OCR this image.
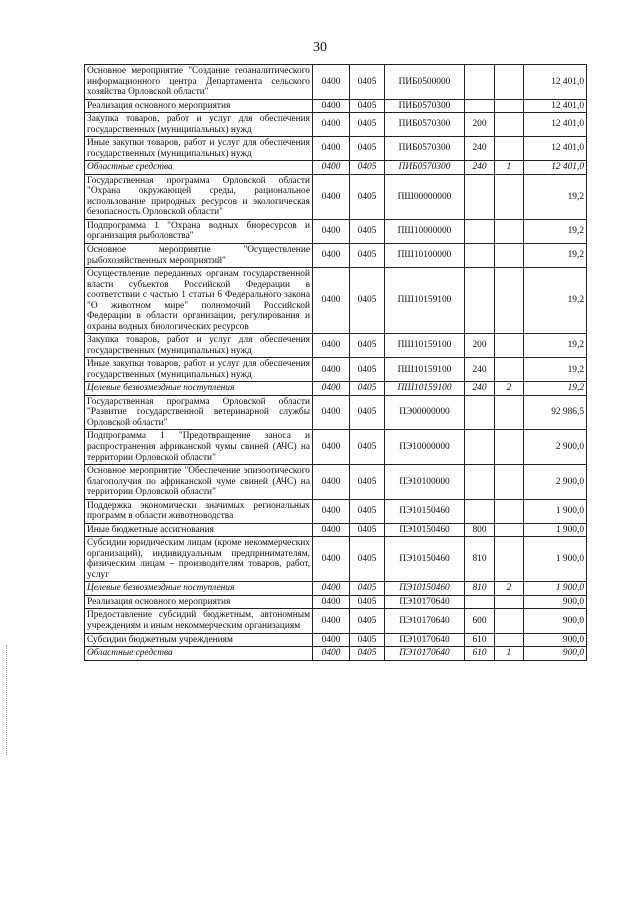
30
Основное мероприятие "Создание геоаналитического информационного центра Департамента сельского хозяйства Орловской области"	0400	0405	ПИБ0500000			12 401,0
Реализация основного мероприятия	0400	0405	ПИБ0570300			12 401,0
Закупка товаров, работ и услуг для обеспечения государственных (муниципальных) нужд	0400	0405	ПИБ0570300	200		12 401,0
Иные закупки товаров, работ и услуг для обеспечения государственных (муниципальных) нужд	0400	0405	ПИБ0570300	240		12 401,0
Областные средства	0400	0405	ПИБ0570300	240	1	12 401,0
Государственная программа Орловской области "Охрана окружающей среды, рациональное использование природных ресурсов и экологическая безопасность Орловской области"	0400	0405	ПШ00000000			19,2
Подпрограмма 1 "Охрана водных биоресурсов и организация рыболовства"	0400	0405	ПШ10000000			19,2
Основное мероприятие "Осуществление рыбохозяйственных мероприятий"	0400	0405	ПШ10100000			19,2
Осуществление переданных органам государственной власти субъектов Российской Федерации в соответствии с частью 1 статьи 6 Федерального закона "О животном мире" полномочий Российской Федерации в области организации, регулирования и охраны водных биологических ресурсов	0400	0405	ПШ10159100			19,2
Закупка товаров, работ и услуг для обеспечения государственных (муниципальных) нужд	0400	0405	ПШ10159100	200		19,2
Иные закупки товаров, работ и услуг для обеспечения государственных (муниципальных) нужд	0400	0405	ПШ10159100	240		19,2
Целевые безвозмездные поступления	0400	0405	ПШ10159100	240	2	19,2
Государственная программа Орловской области "Развитие государственной ветеринарной службы Орловской области"	0400	0405	ПЭ00000000			92 986,5
Подпрограмма 1 "Предотвращение заноса и распространения африканской чумы свиней (АЧС) на территории Орловской области"	0400	0405	ПЭ10000000			2 900,0
Основное мероприятие "Обеспечение эпизоотического благополучия по африканской чуме свиней (АЧС) на территории Орловской области"	0400	0405	ПЭ10100000			2 900,0
Поддержка экономически значимых региональных программ в области животноводства	0400	0405	ПЭ10150460			1 900,0
Иные бюджетные ассигнования	0400	0405	ПЭ10150460	800		1 900,0
Субсидии юридическим лицам (кроме некоммерческих организаций), индивидуальным предпринимателям, физическим лицам – производителям товаров, работ, услуг	0400	0405	ПЭ10150460	810		1 900,0
Целевые безвозмездные поступления	0400	0405	ПЭ10150460	810	2	1 900,0
Реализация основного мероприятия	0400	0405	ПЭ10170640			900,0
Предоставление субсидий бюджетным, автономным учреждениям и иным некоммерческим организациям	0400	0405	ПЭ10170640	600		900,0
Субсидии бюджетным учреждениям	0400	0405	ПЭ10170640	610		900,0
Областные средства	0400	0405	ПЭ10170640	610	1	900,0
